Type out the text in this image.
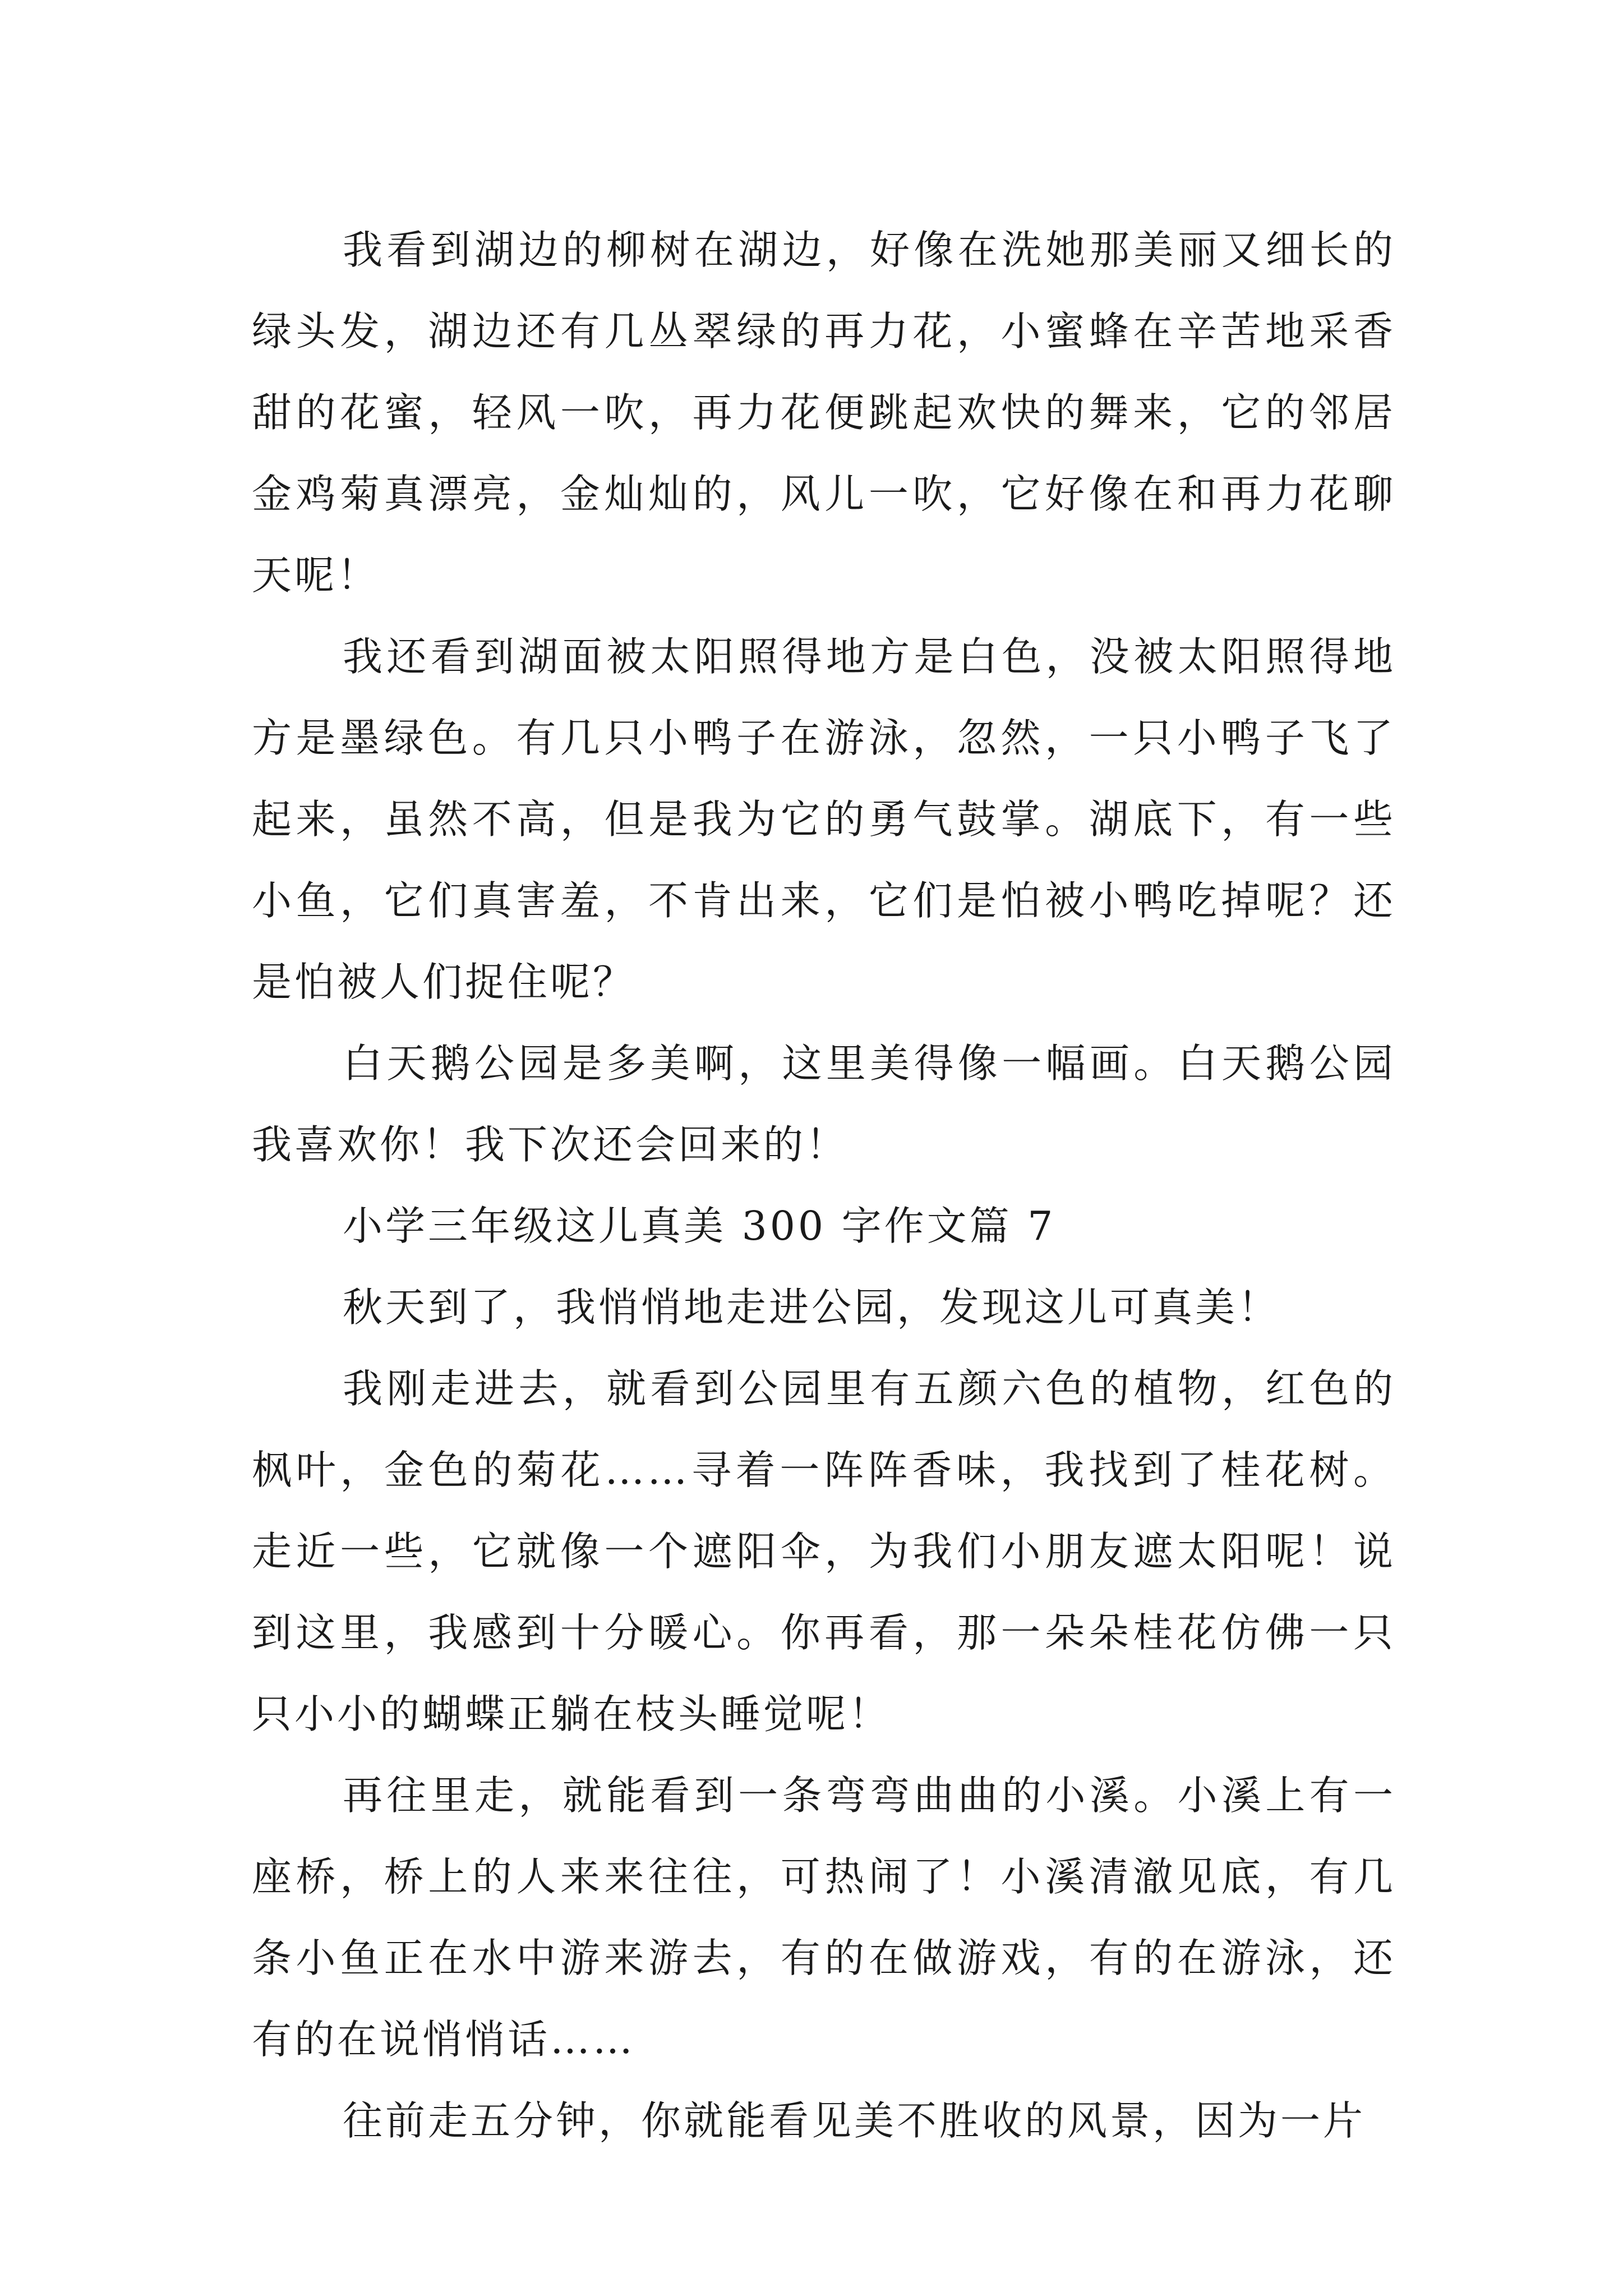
我看到湖边的柳树在湖边，好像在洗她那美丽又细长的绿头发，湖边还有几丛翠绿的再力花，小蜜蜂在辛苦地采香甜的花蜜，轻风一吹，再力花便跳起欢快的舞来，它的邻居金鸡菊真漂亮，金灿灿的，风儿一吹，它好像在和再力花聊天呢！

我还看到湖面被太阳照得地方是白色，没被太阳照得地方是墨绿色。有几只小鸭子在游泳，忽然，一只小鸭子飞了起来，虽然不高，但是我为它的勇气鼓掌。湖底下，有一些小鱼，它们真害羞，不肯出来，它们是怕被小鸭吃掉呢？还是怕被人们捉住呢？

白天鹅公园是多美啊，这里美得像一幅画。白天鹅公园我喜欢你！我下次还会回来的！

小学三年级这儿真美 300 字作文篇 7

秋天到了，我悄悄地走进公园，发现这儿可真美！

我刚走进去，就看到公园里有五颜六色的植物，红色的枫叶，金色的菊花……寻着一阵阵香味，我找到了桂花树。走近一些，它就像一个遮阳伞，为我们小朋友遮太阳呢！说到这里，我感到十分暖心。你再看，那一朵朵桂花仿佛一只只小小的蝴蝶正躺在枝头睡觉呢！

再往里走，就能看到一条弯弯曲曲的小溪。小溪上有一座桥，桥上的人来来往往，可热闹了！小溪清澈见底，有几条小鱼正在水中游来游去，有的在做游戏，有的在游泳，还有的在说悄悄话……

往前走五分钟，你就能看见美不胜收的风景，因为一片
